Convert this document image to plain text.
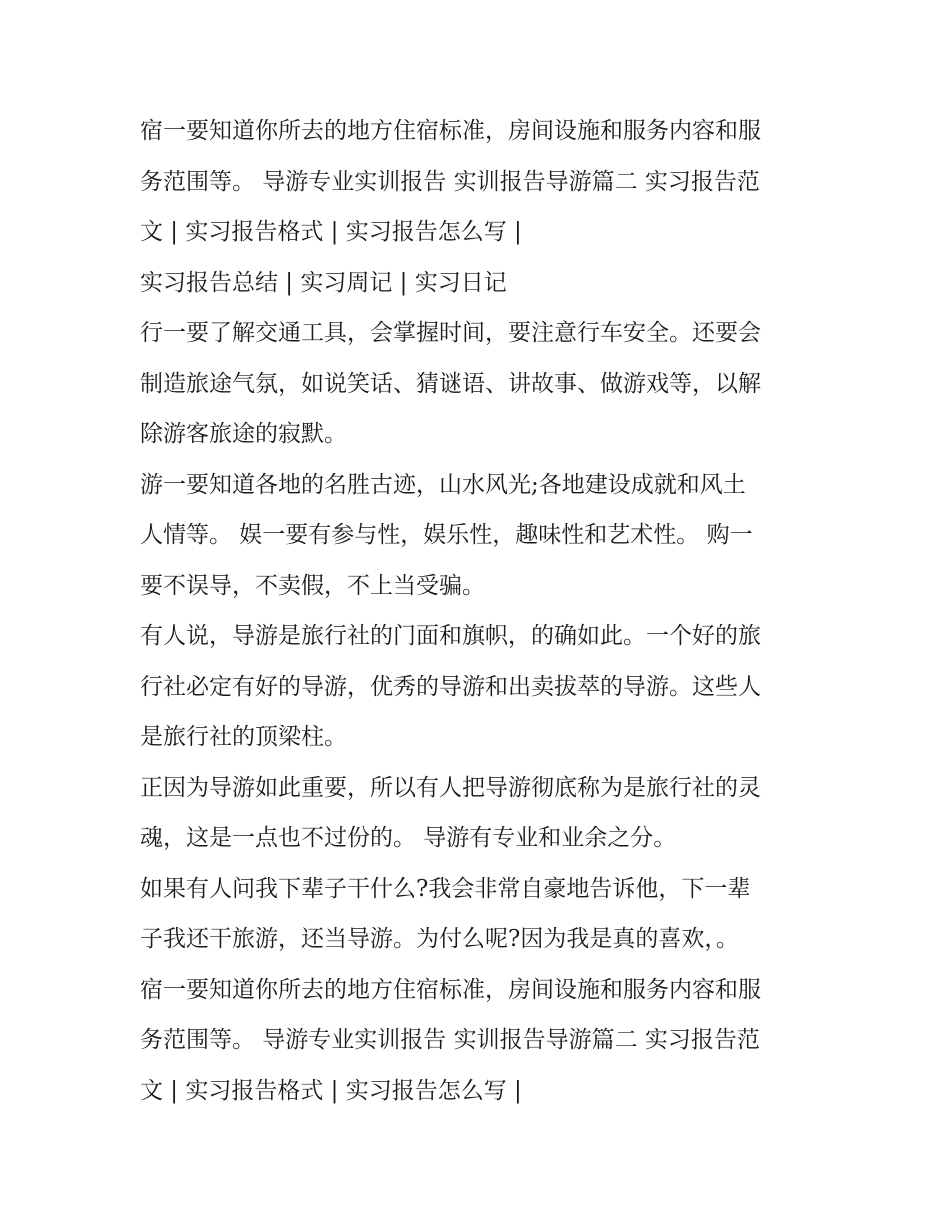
宿一要知道你所去的地方住宿标准，房间设施和服务内容和服
务范围等。 导游专业实训报告 实训报告导游篇二 实习报告范
文 | 实习报告格式 | 实习报告怎么写 |

实习报告总结 | 实习周记 | 实习日记

行一要了解交通工具，会掌握时间，要注意行车安全。还要会
制造旅途气氛，如说笑话、猜谜语、讲故事、做游戏等，以解
除游客旅途的寂默。

游一要知道各地的名胜古迹，山水风光;各地建设成就和风土
人情等。 娱一要有参与性，娱乐性，趣味性和艺术性。 购一
要不误导，不卖假，不上当受骗。

有人说，导游是旅行社的门面和旗帜，的确如此。一个好的旅
行社必定有好的导游，优秀的导游和出卖拔萃的导游。这些人
是旅行社的顶梁柱。

正因为导游如此重要，所以有人把导游彻底称为是旅行社的灵
魂，这是一点也不过份的。 导游有专业和业余之分。

如果有人问我下辈子干什么?我会非常自豪地告诉他，下一辈
子我还干旅游，还当导游。为付么呢?因为我是真的喜欢，。

宿一要知道你所去的地方住宿标准，房间设施和服务内容和服
务范围等。 导游专业实训报告 实训报告导游篇二 实习报告范
文 | 实习报告格式 | 实习报告怎么写 |
